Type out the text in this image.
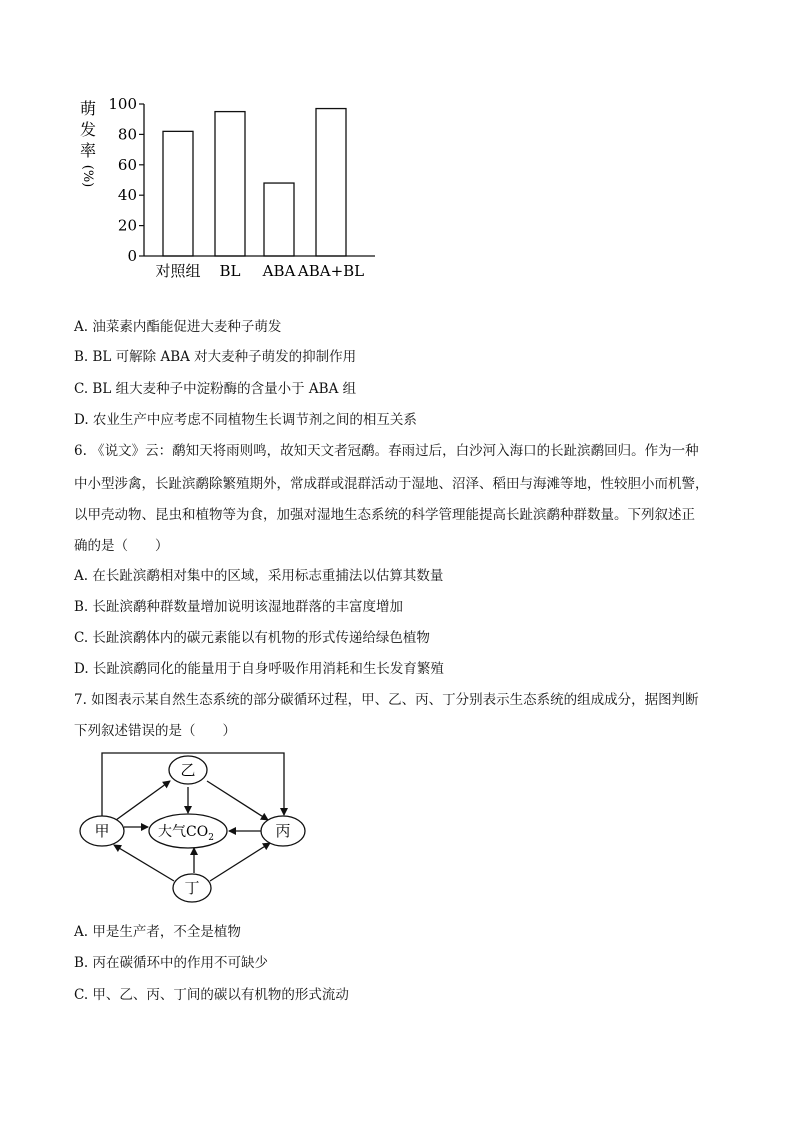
萌
发
率
(%)
0
20
40
60
80
100
对照组 BL ABA ABA+BL
A. 油菜素内酯能促进大麦种子萌发
B. BL 可解除 ABA 对大麦种子萌发的抑制作用
C. BL 组大麦种子中淀粉酶的含量小于 ABA 组
D. 农业生产中应考虑不同植物生长调节剂之间的相互关系
6. 《说文》云：鹬知天将雨则鸣，故知天文者冠鹬。春雨过后，白沙河入海口的长趾滨鹬回归。作为一种
中小型涉禽，长趾滨鹬除繁殖期外，常成群或混群活动于湿地、沼泽、稻田与海滩等地，性较胆小而机警，
以甲壳动物、昆虫和植物等为食，加强对湿地生态系统的科学管理能提高长趾滨鹬种群数量。下列叙述正
确的是（　　）
A. 在长趾滨鹬相对集中的区域，采用标志重捕法以估算其数量
B. 长趾滨鹬种群数量增加说明该湿地群落的丰富度增加
C. 长趾滨鹬体内的碳元素能以有机物的形式传递给绿色植物
D. 长趾滨鹬同化的能量用于自身呼吸作用消耗和生长发育繁殖
7. 如图表示某自然生态系统的部分碳循环过程，甲、乙、丙、丁分别表示生态系统的组成成分，据图判断
下列叙述错误的是（　　）
乙
甲	大气$CO_2$	丙
丁
A. 甲是生产者，不全是植物
B. 丙在碳循环中的作用不可缺少
C. 甲、乙、丙、丁间的碳以有机物的形式流动
